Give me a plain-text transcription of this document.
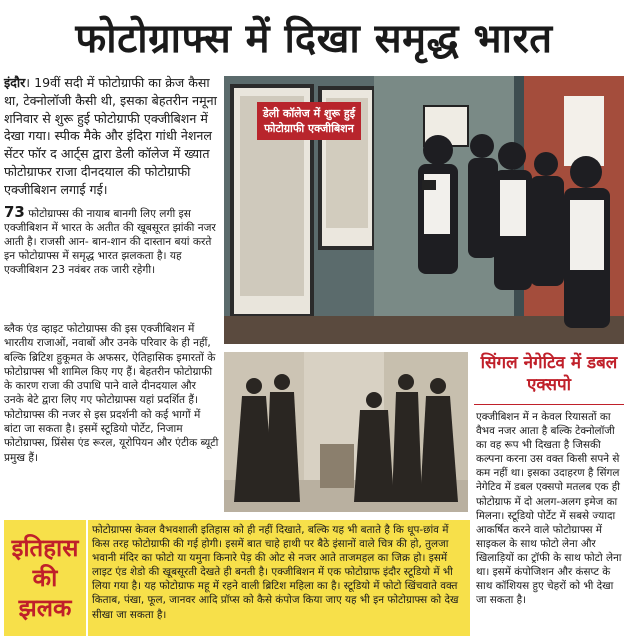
फोटोग्राफ्स में दिखा समृद्ध भारत

इंदौर। 19वीं सदी में फोटोग्राफी का क्रेज कैसा था, टेक्नोलॉजी कैसी थी, इसका बेहतरीन नमूना शनिवार से शुरू हुई फोटोग्राफी एक्जीबिशन में देखा गया। स्पीक मैके और इंदिरा गांधी नेशनल सेंटर फॉर द आर्ट्स द्वारा डेली कॉलेज में ख्यात फोटोग्राफर राजा दीनदयाल की फोटोग्राफी एक्जीबिशन लगाई गई।

73 फोटोग्राफ्स की नायाब बानगी लिए लगी इस एक्जीबिशन में भारत के अतीत की खूबसूरत झांकी नजर आती है। राजसी आन- बान-शान की दास्तान बयां करते इन फोटोग्राफ्स में समृद्ध भारत झलकता है। यह एक्जीबिशन 23 नवंबर तक जारी रहेगी।

ब्लैक एंड व्हाइट फोटोग्राफ्स की इस एक्जीबिशन में भारतीय राजाओं, नवाबों और उनके परिवार के ही नहीं, बल्कि ब्रिटिश हुकूमत के अफसर, ऐतिहासिक इमारतों के फोटोग्राफ्स भी शामिल किए गए हैं। बेहतरीन फोटोग्राफी के कारण राजा की उपाधि पाने वाले दीनदयाल और उनके बेटे द्वारा लिए गए फोटोग्राफ्स यहां प्रदर्शित हैं। फोटोग्राफ्स की नजर से इस प्रदर्शनी को कई भागों में बांटा जा सकता है। इसमें स्टूडियो पोर्टेट, निजाम फोटोग्राफ्स, प्रिंसेस एंड रूरल, यूरोपियन और एंटीक ब्यूटी प्रमुख हैं।
डेली कॉलेज में शुरू हुई फोटोग्राफी एक्जीबिशन
सिंगल नेगेटिव में डबल एक्सपो
एक्जीबिशन में न केवल रियासतों का वैभव नजर आता है बल्कि टेक्नोलॉजी का वह रूप भी दिखता है जिसकी कल्पना करना उस वक्त किसी सपने से कम नहीं था। इसका उदाहरण है सिंगल नेगेटिव में डबल एक्सपो मतलब एक ही फोटोग्राफ में दो अलग-अलग इमेज का मिलना। स्टूडियो पोर्टेट में सबसे ज्यादा आकर्षित करने वाले फोटोग्राफ्स में साइकल के साथ फोटो लेना और खिलाड़ियों का ट्रॉफी के साथ फोटो लेना था। इसमें कंपोजिशन और कंसप्ट के साथ कॉशियस हुए चेहरों को भी देखा जा सकता है।
इतिहास
की
झलक
फोटोग्राफ्स केवल वैभवशाली इतिहास को ही नहीं दिखाते, बल्कि यह भी बताते है कि धूप-छांव में किस तरह फोटोग्राफी की गई होगी। इसमें बात चाहे हाथी पर बैठे इंसानों वाले चित्र की हो, तुलजा भवानी मंदिर का फोटो या यमुना किनारे पेड़ की ओट से नजर आते ताजमहल का जिक्र हो। इसमें लाइट एंड शेडो की खूबसूरती देखते ही बनती है। एक्जीबिशन में एक फोटोग्राफ इंदौर स्टूडियो में भी लिया गया है। यह फोटोग्राफ महू में रहने वाली ब्रिटिश महिला का है। स्टूडियो में फोटो खिंचवाते वक्त किताब, पंखा, फूल, जानवर आदि प्रॉप्स को कैसे कंपोज किया जाए यह भी इन फोटोग्राफ्स को देख सीखा जा सकता है।
